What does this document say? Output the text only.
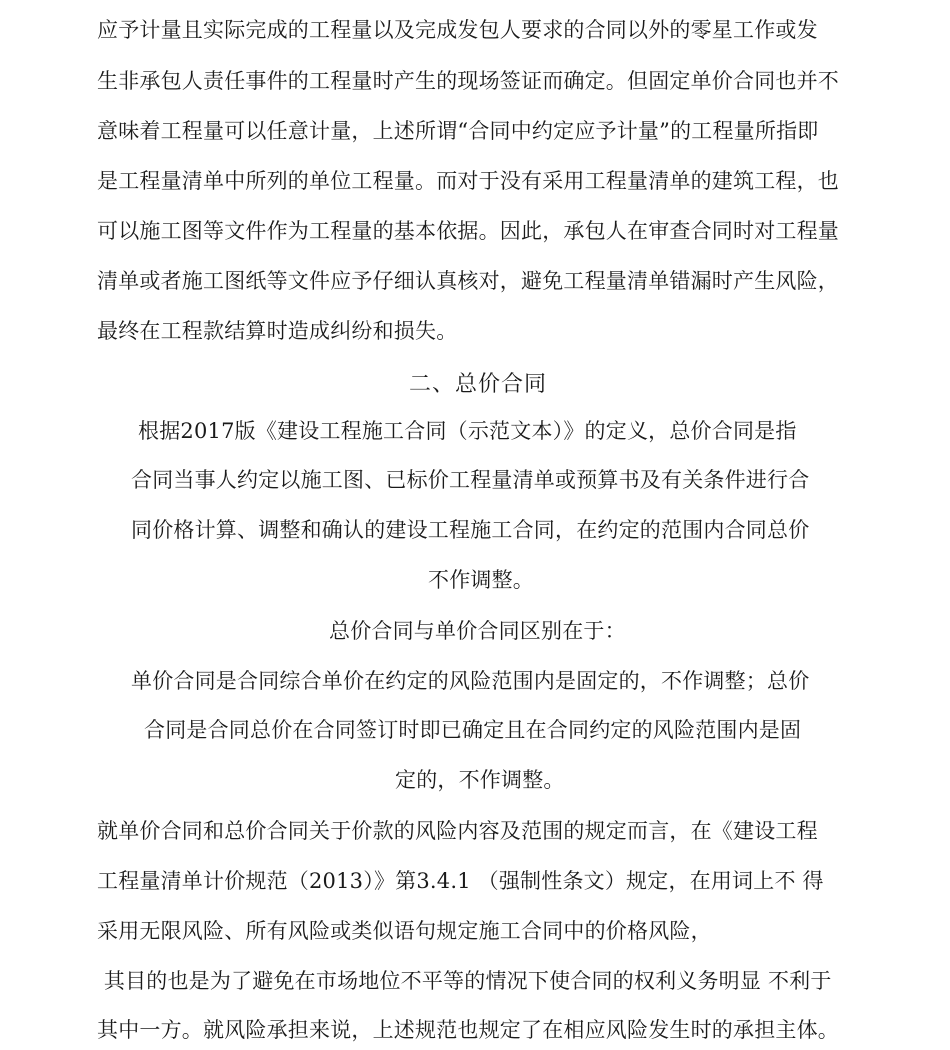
应予计量且实际完成的工程量以及完成发包人要求的合同以外的零星工作或发
生非承包人责任事件的工程量时产生的现场签证而确定。但固定单价合同也并不
意味着工程量可以任意计量，上述所谓“合同中约定应予计量”的工程量所指即
是工程量清单中所列的单位工程量。而对于没有采用工程量清单的建筑工程，也
可以施工图等文件作为工程量的基本依据。因此，承包人在审查合同时对工程量
清单或者施工图纸等文件应予仔细认真核对，避免工程量清单错漏时产生风险，
最终在工程款结算时造成纠纷和损失。
二、总价合同
根据2017版《建设工程施工合同（示范文本）》的定义，总价合同是指
合同当事人约定以施工图、已标价工程量清单或预算书及有关条件进行合
同价格计算、调整和确认的建设工程施工合同，在约定的范围内合同总价
不作调整。
总价合同与单价合同区别在于：
单价合同是合同综合单价在约定的风险范围内是固定的，不作调整；总价
合同是合同总价在合同签订时即已确定且在合同约定的风险范围内是固
定的，不作调整。
就单价合同和总价合同关于价款的风险内容及范围的规定而言，在《建设工程
工程量清单计价规范（2013）》第3.4.1 （强制性条文）规定，在用词上不 得
采用无限风险、所有风险或类似语句规定施工合同中的价格风险，
其目的也是为了避免在市场地位不平等的情况下使合同的权利义务明显 不利于
其中一方。就风险承担来说，上述规范也规定了在相应风险发生时的承担主体。
